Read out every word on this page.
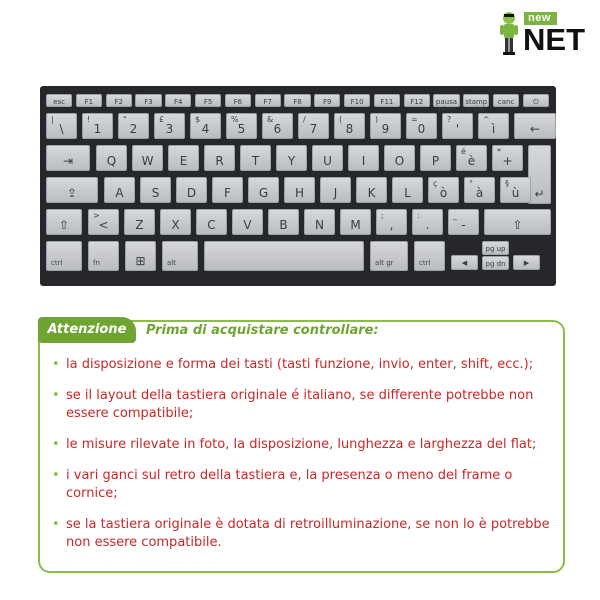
new
NET
esc	F1	F2	F3	F4	F5	F6	F7	F8	F9	F10	F11	F12	pausa interr
stamp r sist
canc	⏻
\
|
1
!
2
"
3
£
4
$
5
%
6
&
7
/
8
(
9
)
0
=
'
?
ì
^
←
⇥	Q	W	E	R	T	Y	U	I	O	P	è
é
+
*
↵
⇪	A	S	D	F	G	H	J	K	L	ò
ç
à
°
ù
§
⇧	<
>
Z	X	C	V	B	N	M	,
;
.
:
-
_
⇧
ctrl	fn	⊞	alt	alt gr	ctrl	◀
pg up
pg dn	▶
Attenzione	Prima di acquistare controllare:
• la disposizione e forma dei tasti (tasti funzione, invio, enter, shift, ecc.);
• se il layout della tastiera originale é italiano, se differente potrebbe non essere compatibile;
• le misure rilevate in foto, la disposizione, lunghezza e larghezza del flat;
• i vari ganci sul retro della tastiera e, la presenza o meno del frame o cornice;
• se la tastiera originale è dotata di retroilluminazione, se non lo è potrebbe non essere compatibile.
